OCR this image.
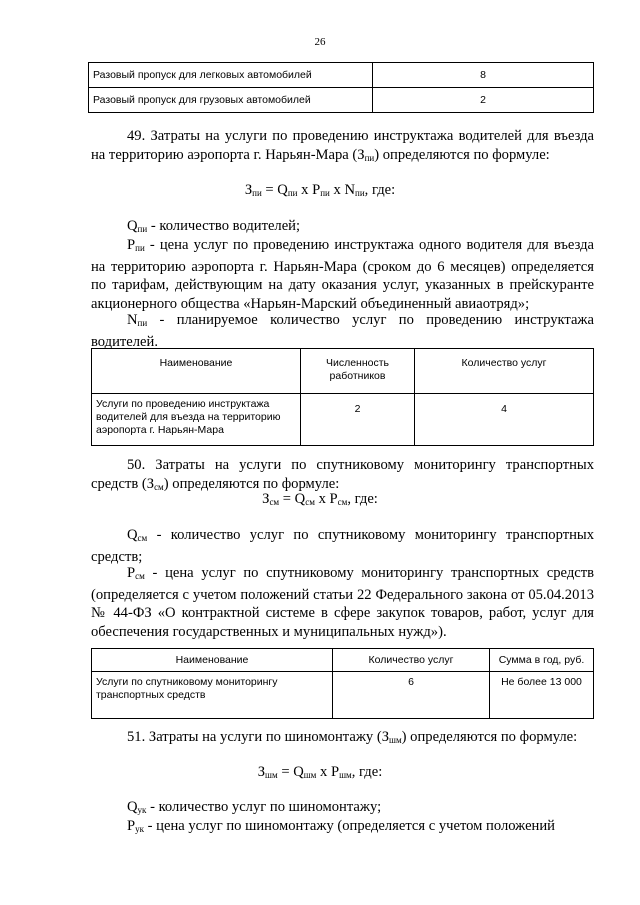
26
Разовый пропуск для легковых автомобилей	8
Разовый пропуск для грузовых автомобилей	2
49. Затраты на услуги по проведению инструктажа водителей для въезда на территорию аэропорта г. Нарьян-Мара $(З_{пи})$ определяются по формуле:
$З_{пи} = Q_{пи}$ х $P_{пи}$ х $N_{пи}$, где:
$Q_{пи}$ - количество водителей;
$Р_{пи}$ - цена услуг по проведению инструктажа одного водителя для въезда на территорию аэропорта г. Нарьян-Мара (сроком до 6 месяцев) определяется по тарифам, действующим на дату оказания услуг, указанных в прейскуранте акционерного общества «Нарьян-Марский объединенный авиаотряд»;
$N_{пи}$ - планируемое количество услуг по проведению инструктажа водителей.
Наименование	Численность работников	Количество услуг
Услуги по проведению инструктажа водителей для въезда на территорию аэропорта г. Нарьян-Мара	2	4
50. Затраты на услуги по спутниковому мониторингу транспортных средств $(З_{см})$ определяются по формуле:
$З_{см} = Q_{см}$ х $P_{см}$, где:
$Q_{см}$ - количество услуг по спутниковому мониторингу транспортных средств;
$Р_{см}$ - цена услуг по спутниковому мониторингу транспортных средств (определяется с учетом положений статьи 22 Федерального закона от 05.04.2013 № 44-ФЗ «О контрактной системе в сфере закупок товаров, работ, услуг для обеспечения государственных и муниципальных нужд»).
Наименование	Количество услуг	Сумма в год, руб.
Услуги по спутниковому мониторингу транспортных средств	6	Не более 13 000
51. Затраты на услуги по шиномонтажу $(З_{шм})$ определяются по формуле:
$З_{шм} = Q_{шм}$ х $P_{шм}$, где:
$Q_{ук}$ - количество услуг по шиномонтажу;
$Р_{ук}$ - цена услуг по шиномонтажу (определяется с учетом положений
